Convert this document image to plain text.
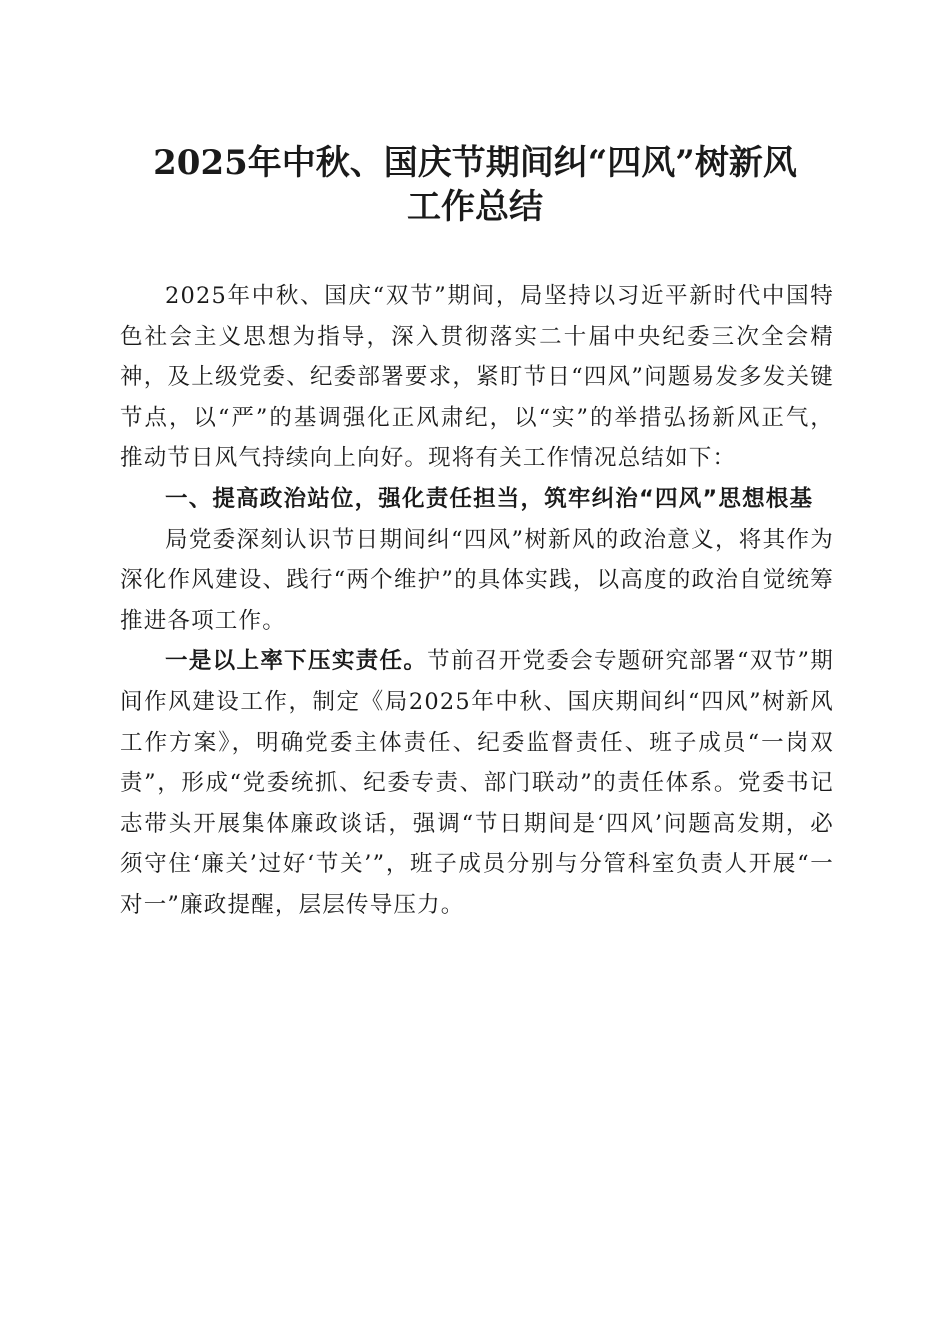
2025年中秋、国庆节期间纠“四风”树新风
工作总结

2025年中秋、国庆“双节”期间，局坚持以习近平新时代中国特色社会主义思想为指导，深入贯彻落实二十届中央纪委三次全会精神，及上级党委、纪委部署要求，紧盯节日“四风”问题易发多发关键节点，以“严”的基调强化正风肃纪，以“实”的举措弘扬新风正气，推动节日风气持续向上向好。现将有关工作情况总结如下：

一、提高政治站位，强化责任担当，筑牢纠治“四风”思想根基

局党委深刻认识节日期间纠“四风”树新风的政治意义，将其作为深化作风建设、践行“两个维护”的具体实践，以高度的政治自觉统筹推进各项工作。

一是以上率下压实责任。节前召开党委会专题研究部署“双节”期间作风建设工作，制定《局2025年中秋、国庆期间纠“四风”树新风工作方案》，明确党委主体责任、纪委监督责任、班子成员“一岗双责”，形成“党委统抓、纪委专责、部门联动”的责任体系。党委书记志带头开展集体廉政谈话，强调“节日期间是‘四风’问题高发期，必须守住‘廉关’过好‘节关’”，班子成员分别与分管科室负责人开展“一对一”廉政提醒，层层传导压力。
